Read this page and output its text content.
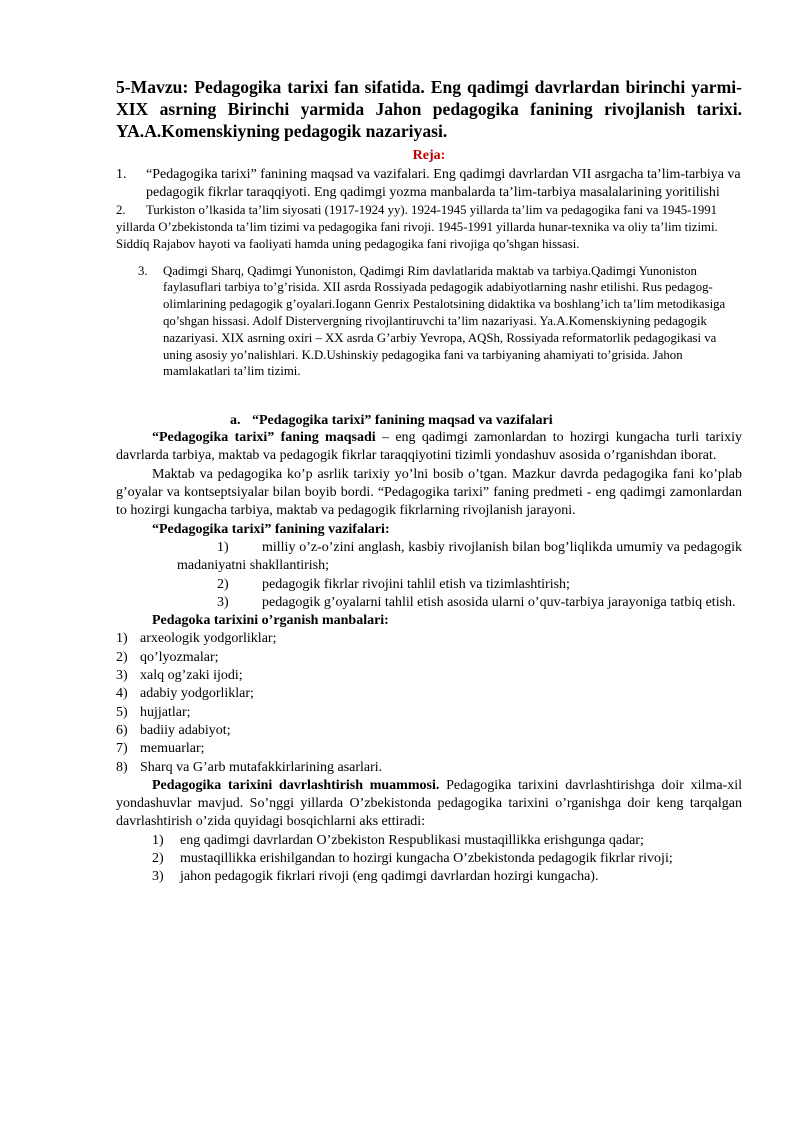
5-Mavzu: Pedagogika tarixi fan sifatida. Eng qadimgi davrlardan birinchi yarmi-XIX asrning Birinchi yarmida Jahon pedagogika fanining rivojlanish tarixi. YA.A.Komenskiyning pedagogik nazariyasi.
Reja:
1.	“Pedagogika tarixi” fanining maqsad va vazifalari. Eng qadimgi davrlardan VII asrgacha ta’lim-tarbiya va pedagogik fikrlar taraqqiyoti. Eng qadimgi yozma manbalarda ta’lim-tarbiya masalalarining yoritilishi
2. Turkiston o’lkasida ta’lim siyosati (1917-1924 yy). 1924-1945 yillarda ta’lim va pedagogika fani va 1945-1991 yillarda O’zbekistonda ta’lim tizimi va pedagogika fani rivoji. 1945-1991 yillarda hunar-texnika va oliy ta’lim tizimi. Siddiq Rajabov hayoti va faoliyati hamda uning pedagogika fani rivojiga qo’shgan hissasi.
3.	Qadimgi Sharq, Qadimgi Yunoniston, Qadimgi Rim davlatlarida maktab va tarbiya.Qadimgi Yunoniston faylasuflari tarbiya to’g’risida. XII asrda Rossiyada pedagogik adabiyotlarning nashr etilishi. Rus pedagog-olimlarining pedagogik g’oyalari.Iogann Genrix Pestalotsining didaktika va boshlang’ich ta’lim metodikasiga qo’shgan hissasi. Adolf Distervergning rivojlantiruvchi ta’lim nazariyasi. Ya.A.Komenskiyning pedagogik nazariyasi. XIX asrning oxiri – XX asrda G’arbiy Yevropa, AQSh, Rossiyada reformatorlik pedagogikasi va uning asosiy yo’nalishlari. K.D.Ushinskiy pedagogika fani va tarbiyaning ahamiyati to’grisida. Jahon mamlakatlari ta’lim tizimi.
a. “Pedagogika tarixi” fanining maqsad va vazifalari

“Pedagogika tarixi” faning maqsadi – eng qadimgi zamonlardan to hozirgi kungacha turli tarixiy davrlarda tarbiya, maktab va pedagogik fikrlar taraqqiyotini tizimli yondashuv asosida o’rganishdan iborat.

Maktab va pedagogika ko’p asrlik tarixiy yo’lni bosib o’tgan. Mazkur davrda pedagogika fani ko’plab g’oyalar va kontseptsiyalar bilan boyib bordi. “Pedagogika tarixi” faning predmeti - eng qadimgi zamonlardan to hozirgi kungacha tarbiya, maktab va pedagogik fikrlarning rivojlanish jarayoni.

“Pedagogika tarixi” fanining vazifalari:

1) milliy o’z-o’zini anglash, kasbiy rivojlanish bilan bog’liqlikda umumiy va pedagogik madaniyatni shakllantirish;
2) pedagogik fikrlar rivojini tahlil etish va tizimlashtirish;
3) pedagogik g’oyalarni tahlil etish asosida ularni o’quv-tarbiya jarayoniga tatbiq etish.

Pedagoka tarixini o’rganish manbalari:

1) arxeologik yodgorliklar;
2) qo’lyozmalar;
3) xalq og’zaki ijodi;
4) adabiy yodgorliklar;
5) hujjatlar;
6) badiiy adabiyot;
7) memuarlar;
8) Sharq va G’arb mutafakkirlarining asarlari.

Pedagogika tarixini davrlashtirish muammosi. Pedagogika tarixini davrlashtirishga doir xilma-xil yondashuvlar mavjud. So’nggi yillarda O’zbekistonda pedagogika tarixini o’rganishga doir keng tarqalgan davrlashtirish o’zida quyidagi bosqichlarni aks ettiradi:

1)	eng qadimgi davrlardan O’zbekiston Respublikasi mustaqillikka erishgunga qadar;
2)	mustaqillikka erishilgandan to hozirgi kungacha O’zbekistonda pedagogik fikrlar rivoji;
3)	jahon pedagogik fikrlari rivoji (eng qadimgi davrlardan hozirgi kungacha).
